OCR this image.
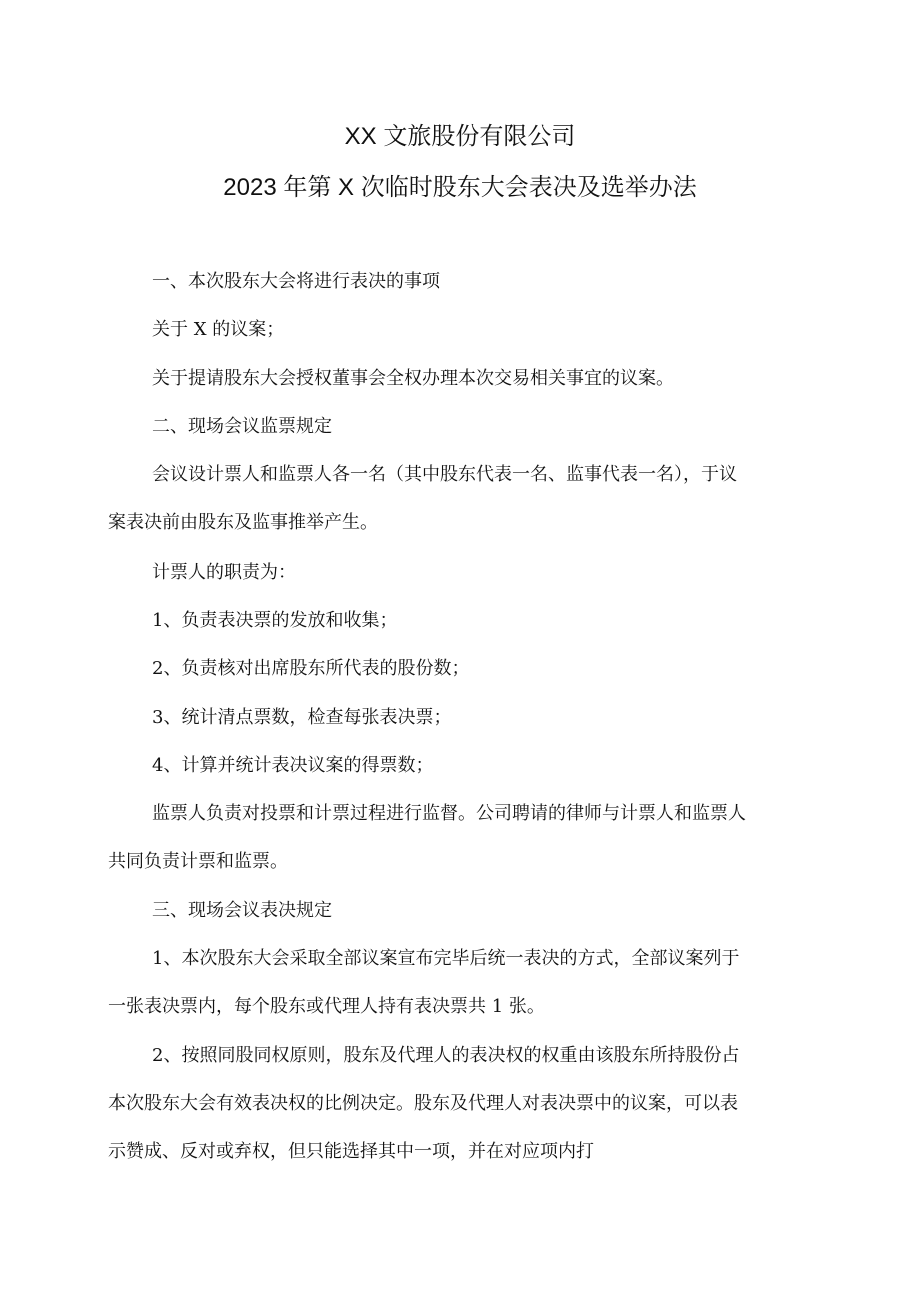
XX 文旅股份有限公司
2023 年第 X 次临时股东大会表决及选举办法
一、本次股东大会将进行表决的事项
关于 X 的议案；
关于提请股东大会授权董事会全权办理本次交易相关事宜的议案。
二、现场会议监票规定
会议设计票人和监票人各一名（其中股东代表一名、监事代表一名），于议
案表决前由股东及监事推举产生。
计票人的职责为：
1、负责表决票的发放和收集；
2、负责核对出席股东所代表的股份数；
3、统计清点票数，检查每张表决票；
4、计算并统计表决议案的得票数；
监票人负责对投票和计票过程进行监督。公司聘请的律师与计票人和监票人
共同负责计票和监票。
三、现场会议表决规定
1、本次股东大会采取全部议案宣布完毕后统一表决的方式，全部议案列于
一张表决票内，每个股东或代理人持有表决票共 1 张。
2、按照同股同权原则，股东及代理人的表决权的权重由该股东所持股份占
本次股东大会有效表决权的比例决定。股东及代理人对表决票中的议案，可以表
示赞成、反对或弃权，但只能选择其中一项，并在对应项内打
